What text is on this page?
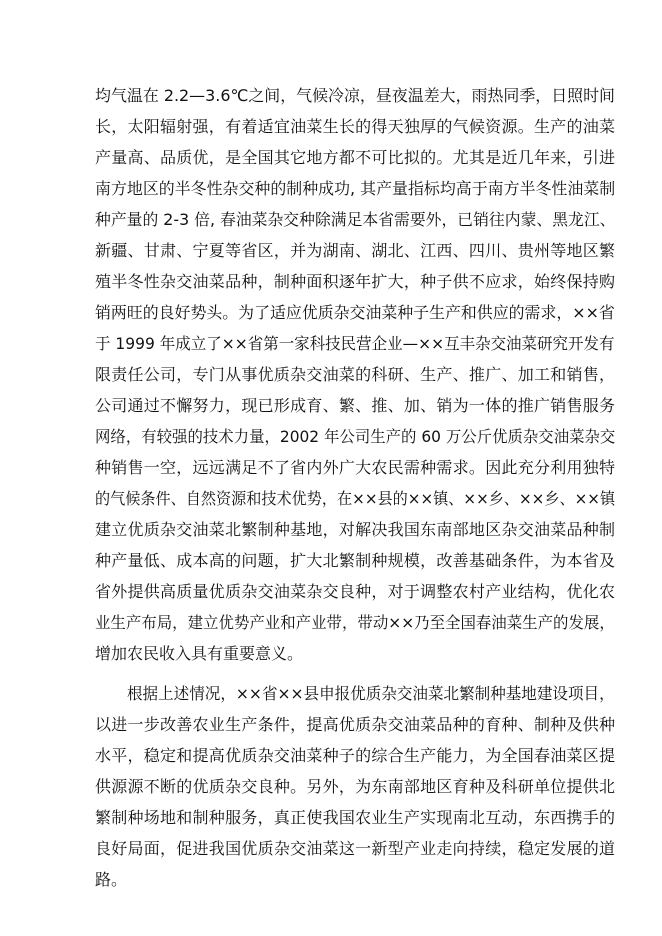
均气温在 2.2—3.6℃之间，气候冷凉，昼夜温差大，雨热同季，日照时间
长，太阳辐射强，有着适宜油菜生长的得天独厚的气候资源。生产的油菜
产量高、品质优，是全国其它地方都不可比拟的。尤其是近几年来，引进
南方地区的半冬性杂交种的制种成功, 其产量指标均高于南方半冬性油菜制
种产量的 2-3 倍, 春油菜杂交种除满足本省需要外，已销往内蒙、黑龙江、
新疆、甘肃、宁夏等省区，并为湖南、湖北、江西、四川、贵州等地区繁
殖半冬性杂交油菜品种，制种面积逐年扩大，种子供不应求，始终保持购
销两旺的良好势头。为了适应优质杂交油菜种子生产和供应的需求，××省
于 1999 年成立了××省第一家科技民营企业—××互丰杂交油菜研究开发有
限责任公司，专门从事优质杂交油菜的科研、生产、推广、加工和销售，
公司通过不懈努力，现已形成育、繁、推、加、销为一体的推广销售服务
网络，有较强的技术力量，2002 年公司生产的 60 万公斤优质杂交油菜杂交
种销售一空，远远满足不了省内外广大农民需种需求。因此充分利用独特
的气候条件、自然资源和技术优势，在××县的××镇、××乡、××乡、××镇
建立优质杂交油菜北繁制种基地，对解决我国东南部地区杂交油菜品种制
种产量低、成本高的问题，扩大北繁制种规模，改善基础条件，为本省及
省外提供高质量优质杂交油菜杂交良种，对于调整农村产业结构，优化农
业生产布局，建立优势产业和产业带，带动××乃至全国春油菜生产的发展，
增加农民收入具有重要意义。
根据上述情况，××省××县申报优质杂交油菜北繁制种基地建设项目，
以进一步改善农业生产条件，提高优质杂交油菜品种的育种、制种及供种
水平，稳定和提高优质杂交油菜种子的综合生产能力，为全国春油菜区提
供源源不断的优质杂交良种。另外，为东南部地区育种及科研单位提供北
繁制种场地和制种服务，真正使我国农业生产实现南北互动，东西携手的
良好局面，促进我国优质杂交油菜这一新型产业走向持续，稳定发展的道
路。
